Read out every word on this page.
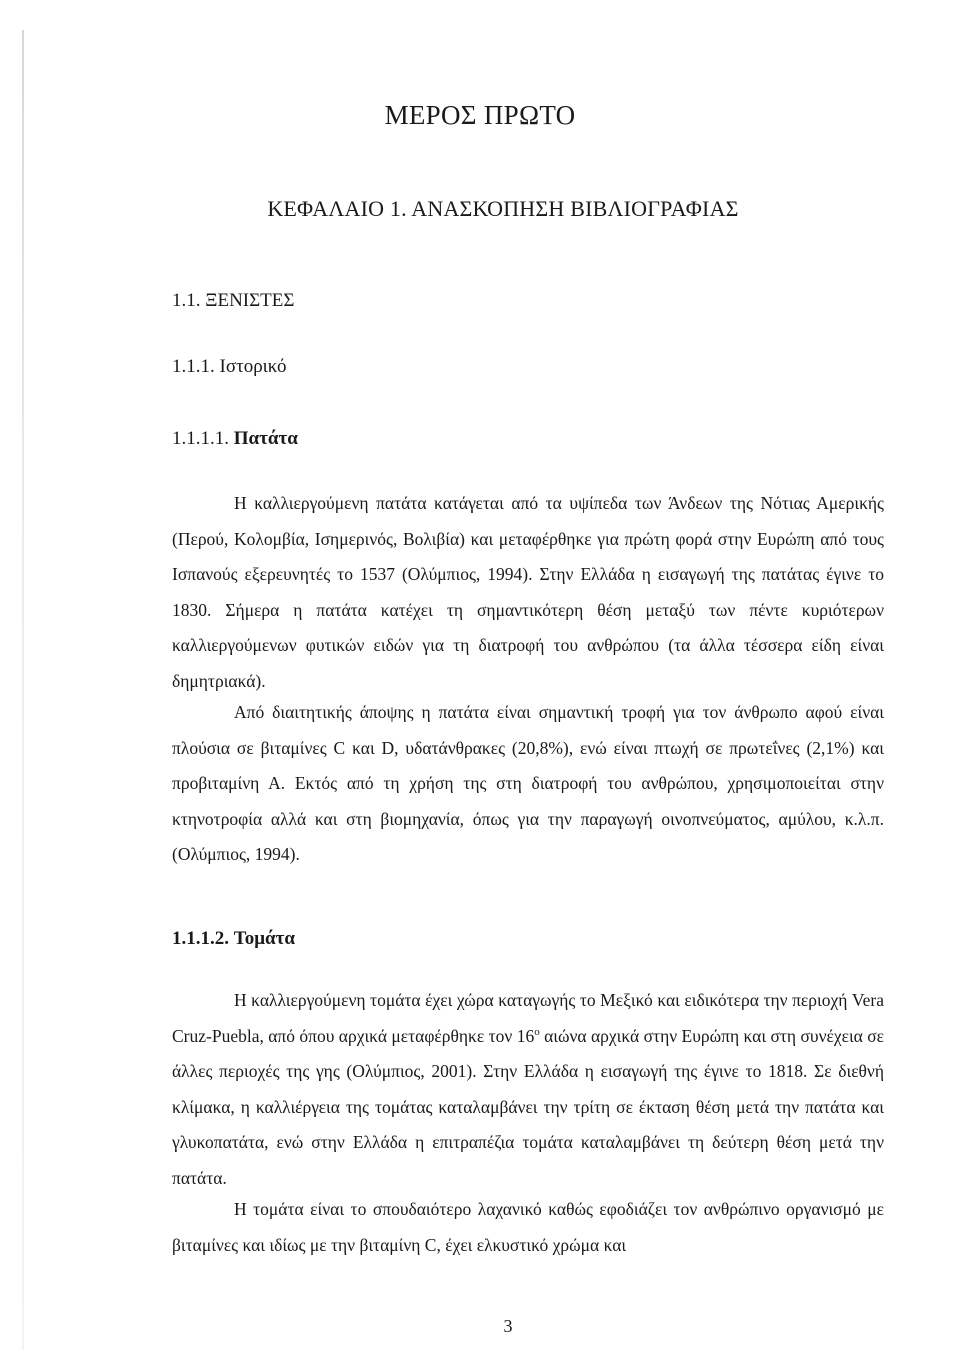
ΜΕΡΟΣ ΠΡΩΤΟ
ΚΕΦΑΛΑΙΟ 1. ΑΝΑΣΚΟΠΗΣΗ ΒΙΒΛΙΟΓΡΑΦΙΑΣ
1.1. ΞΕΝΙΣΤΕΣ
1.1.1. Ιστορικό
1.1.1.1. Πατάτα

Η καλλιεργούμενη πατάτα κατάγεται από τα υψίπεδα των Άνδεων της Νότιας Αμερικής (Περού, Κολομβία, Ισημερινός, Βολιβία) και μεταφέρθηκε για πρώτη φορά στην Ευρώπη από τους Ισπανούς εξερευνητές το 1537 (Ολύμπιος, 1994). Στην Ελλάδα η εισαγωγή της πατάτας έγινε το 1830. Σήμερα η πατάτα κατέχει τη σημαντικότερη θέση μεταξύ των πέντε κυριότερων καλλιεργούμενων φυτικών ειδών για τη διατροφή του ανθρώπου (τα άλλα τέσσερα είδη είναι δημητριακά).

Από διαιτητικής άποψης η πατάτα είναι σημαντική τροφή για τον άνθρωπο αφού είναι πλούσια σε βιταμίνες C και D, υδατάνθρακες (20,8%), ενώ είναι πτωχή σε πρωτεΐνες (2,1%) και προβιταμίνη Α. Εκτός από τη χρήση της στη διατροφή του ανθρώπου, χρησιμοποιείται στην κτηνοτροφία αλλά και στη βιομηχανία, όπως για την παραγωγή οινοπνεύματος, αμύλου, κ.λ.π. (Ολύμπιος, 1994).

1.1.1.2. Τομάτα

Η καλλιεργούμενη τομάτα έχει χώρα καταγωγής το Μεξικό και ειδικότερα την περιοχή Vera Cruz-Puebla, από όπου αρχικά μεταφέρθηκε τον $16^o$ αιώνα αρχικά στην Ευρώπη και στη συνέχεια σε άλλες περιοχές της γης (Ολύμπιος, 2001). Στην Ελλάδα η εισαγωγή της έγινε το 1818. Σε διεθνή κλίμακα, η καλλιέργεια της τομάτας καταλαμβάνει την τρίτη σε έκταση θέση μετά την πατάτα και γλυκοπατάτα, ενώ στην Ελλάδα η επιτραπέζια τομάτα καταλαμβάνει τη δεύτερη θέση μετά την πατάτα.

Η τομάτα είναι το σπουδαιότερο λαχανικό καθώς εφοδιάζει τον ανθρώπινο οργανισμό με βιταμίνες και ιδίως με την βιταμίνη C, έχει ελκυστικό χρώμα και

3
